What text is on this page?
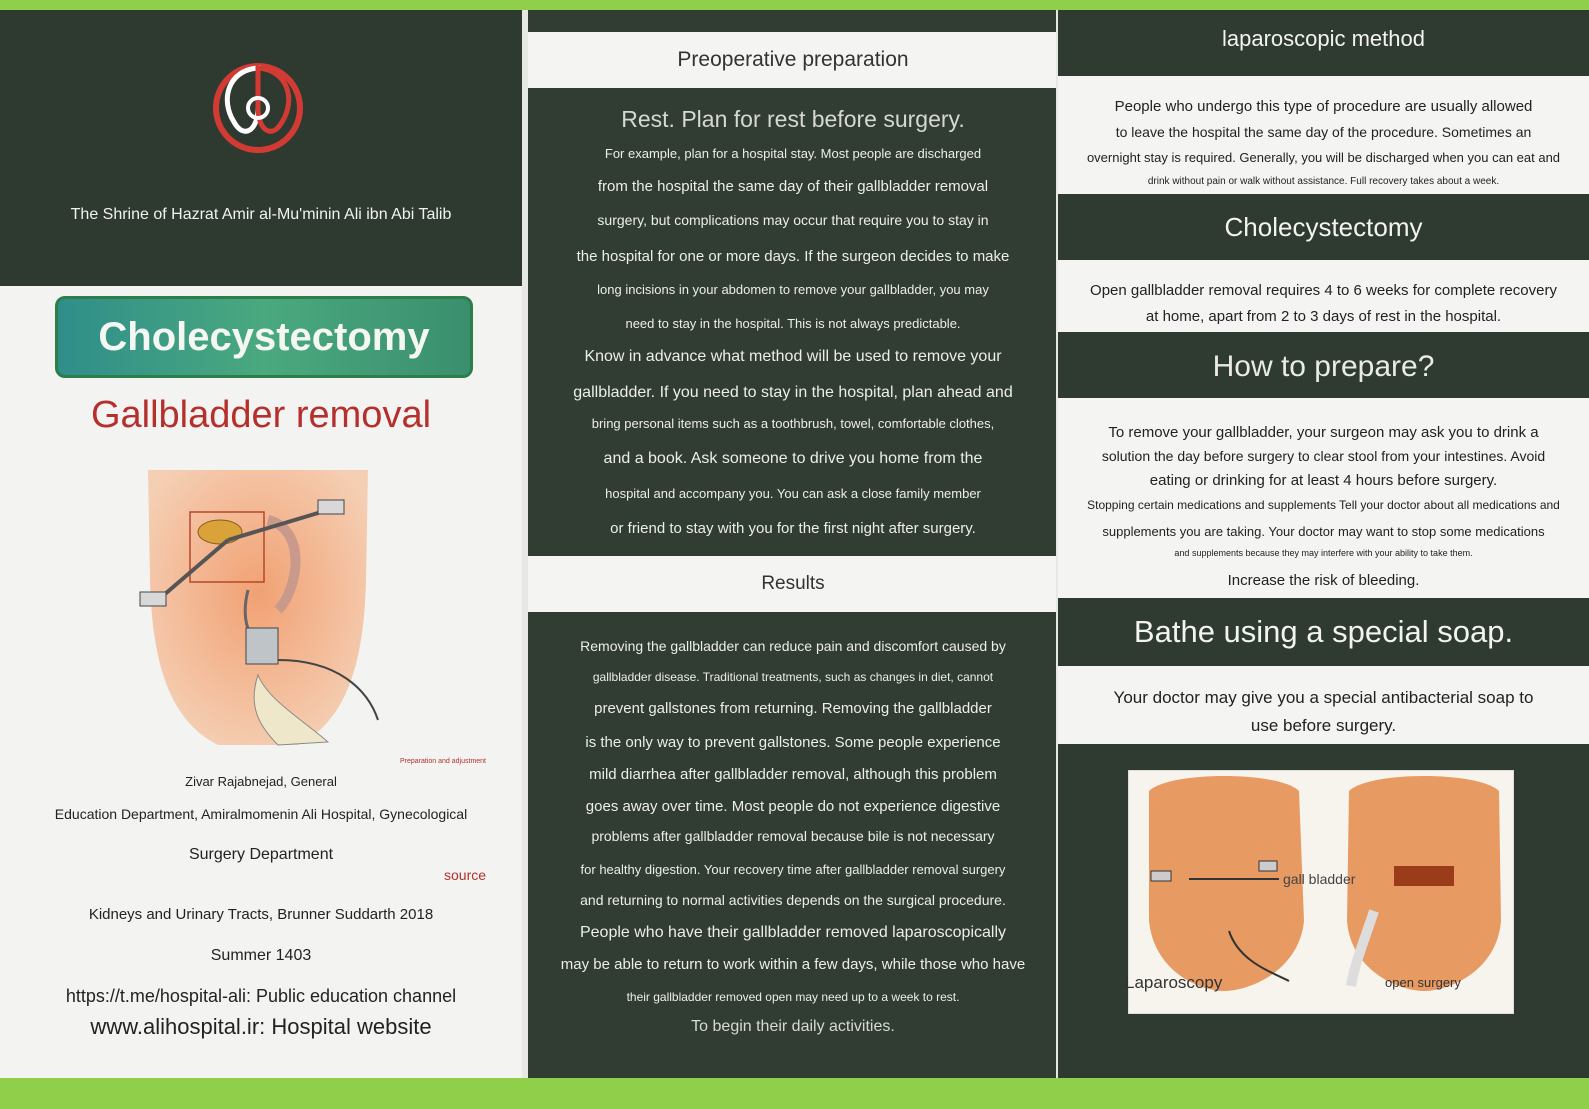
The Shrine of Hazrat Amir al-Mu'minin Ali ibn Abi Talib
Cholecystectomy
Gallbladder removal
Preparation and adjustment
Zivar Rajabnejad, General
Education Department, Amiralmomenin Ali Hospital, Gynecological
Surgery Department
source
Kidneys and Urinary Tracts, Brunner Suddarth 2018
Summer 1403
https://t.me/hospital-ali: Public education channel
www.alihospital.ir: Hospital website
Preoperative preparation
Rest. Plan for rest before surgery.
For example, plan for a hospital stay. Most people are discharged
from the hospital the same day of their gallbladder removal
surgery, but complications may occur that require you to stay in
the hospital for one or more days. If the surgeon decides to make
long incisions in your abdomen to remove your gallbladder, you may
need to stay in the hospital. This is not always predictable.
Know in advance what method will be used to remove your
gallbladder. If you need to stay in the hospital, plan ahead and
bring personal items such as a toothbrush, towel, comfortable clothes,
and a book. Ask someone to drive you home from the
hospital and accompany you. You can ask a close family member
or friend to stay with you for the first night after surgery.
Results
Removing the gallbladder can reduce pain and discomfort caused by
gallbladder disease. Traditional treatments, such as changes in diet, cannot
prevent gallstones from returning. Removing the gallbladder
is the only way to prevent gallstones. Some people experience
mild diarrhea after gallbladder removal, although this problem
goes away over time. Most people do not experience digestive
problems after gallbladder removal because bile is not necessary
for healthy digestion. Your recovery time after gallbladder removal surgery
and returning to normal activities depends on the surgical procedure.
People who have their gallbladder removed laparoscopically
may be able to return to work within a few days, while those who have
their gallbladder removed open may need up to a week to rest.
To begin their daily activities.
laparoscopic method
People who undergo this type of procedure are usually allowed
to leave the hospital the same day of the procedure. Sometimes an
overnight stay is required. Generally, you will be discharged when you can eat and
drink without pain or walk without assistance. Full recovery takes about a week.
Cholecystectomy
Open gallbladder removal requires 4 to 6 weeks for complete recovery
at home, apart from 2 to 3 days of rest in the hospital.
How to prepare?
To remove your gallbladder, your surgeon may ask you to drink a
solution the day before surgery to clear stool from your intestines. Avoid
eating or drinking for at least 4 hours before surgery.
Stopping certain medications and supplements Tell your doctor about all medications and
supplements you are taking. Your doctor may want to stop some medications
and supplements because they may interfere with your ability to take them.
Increase the risk of bleeding.
Bathe using a special soap.
Your doctor may give you a special antibacterial soap to
use before surgery.
gall bladder
Laparoscopy	open surgery
